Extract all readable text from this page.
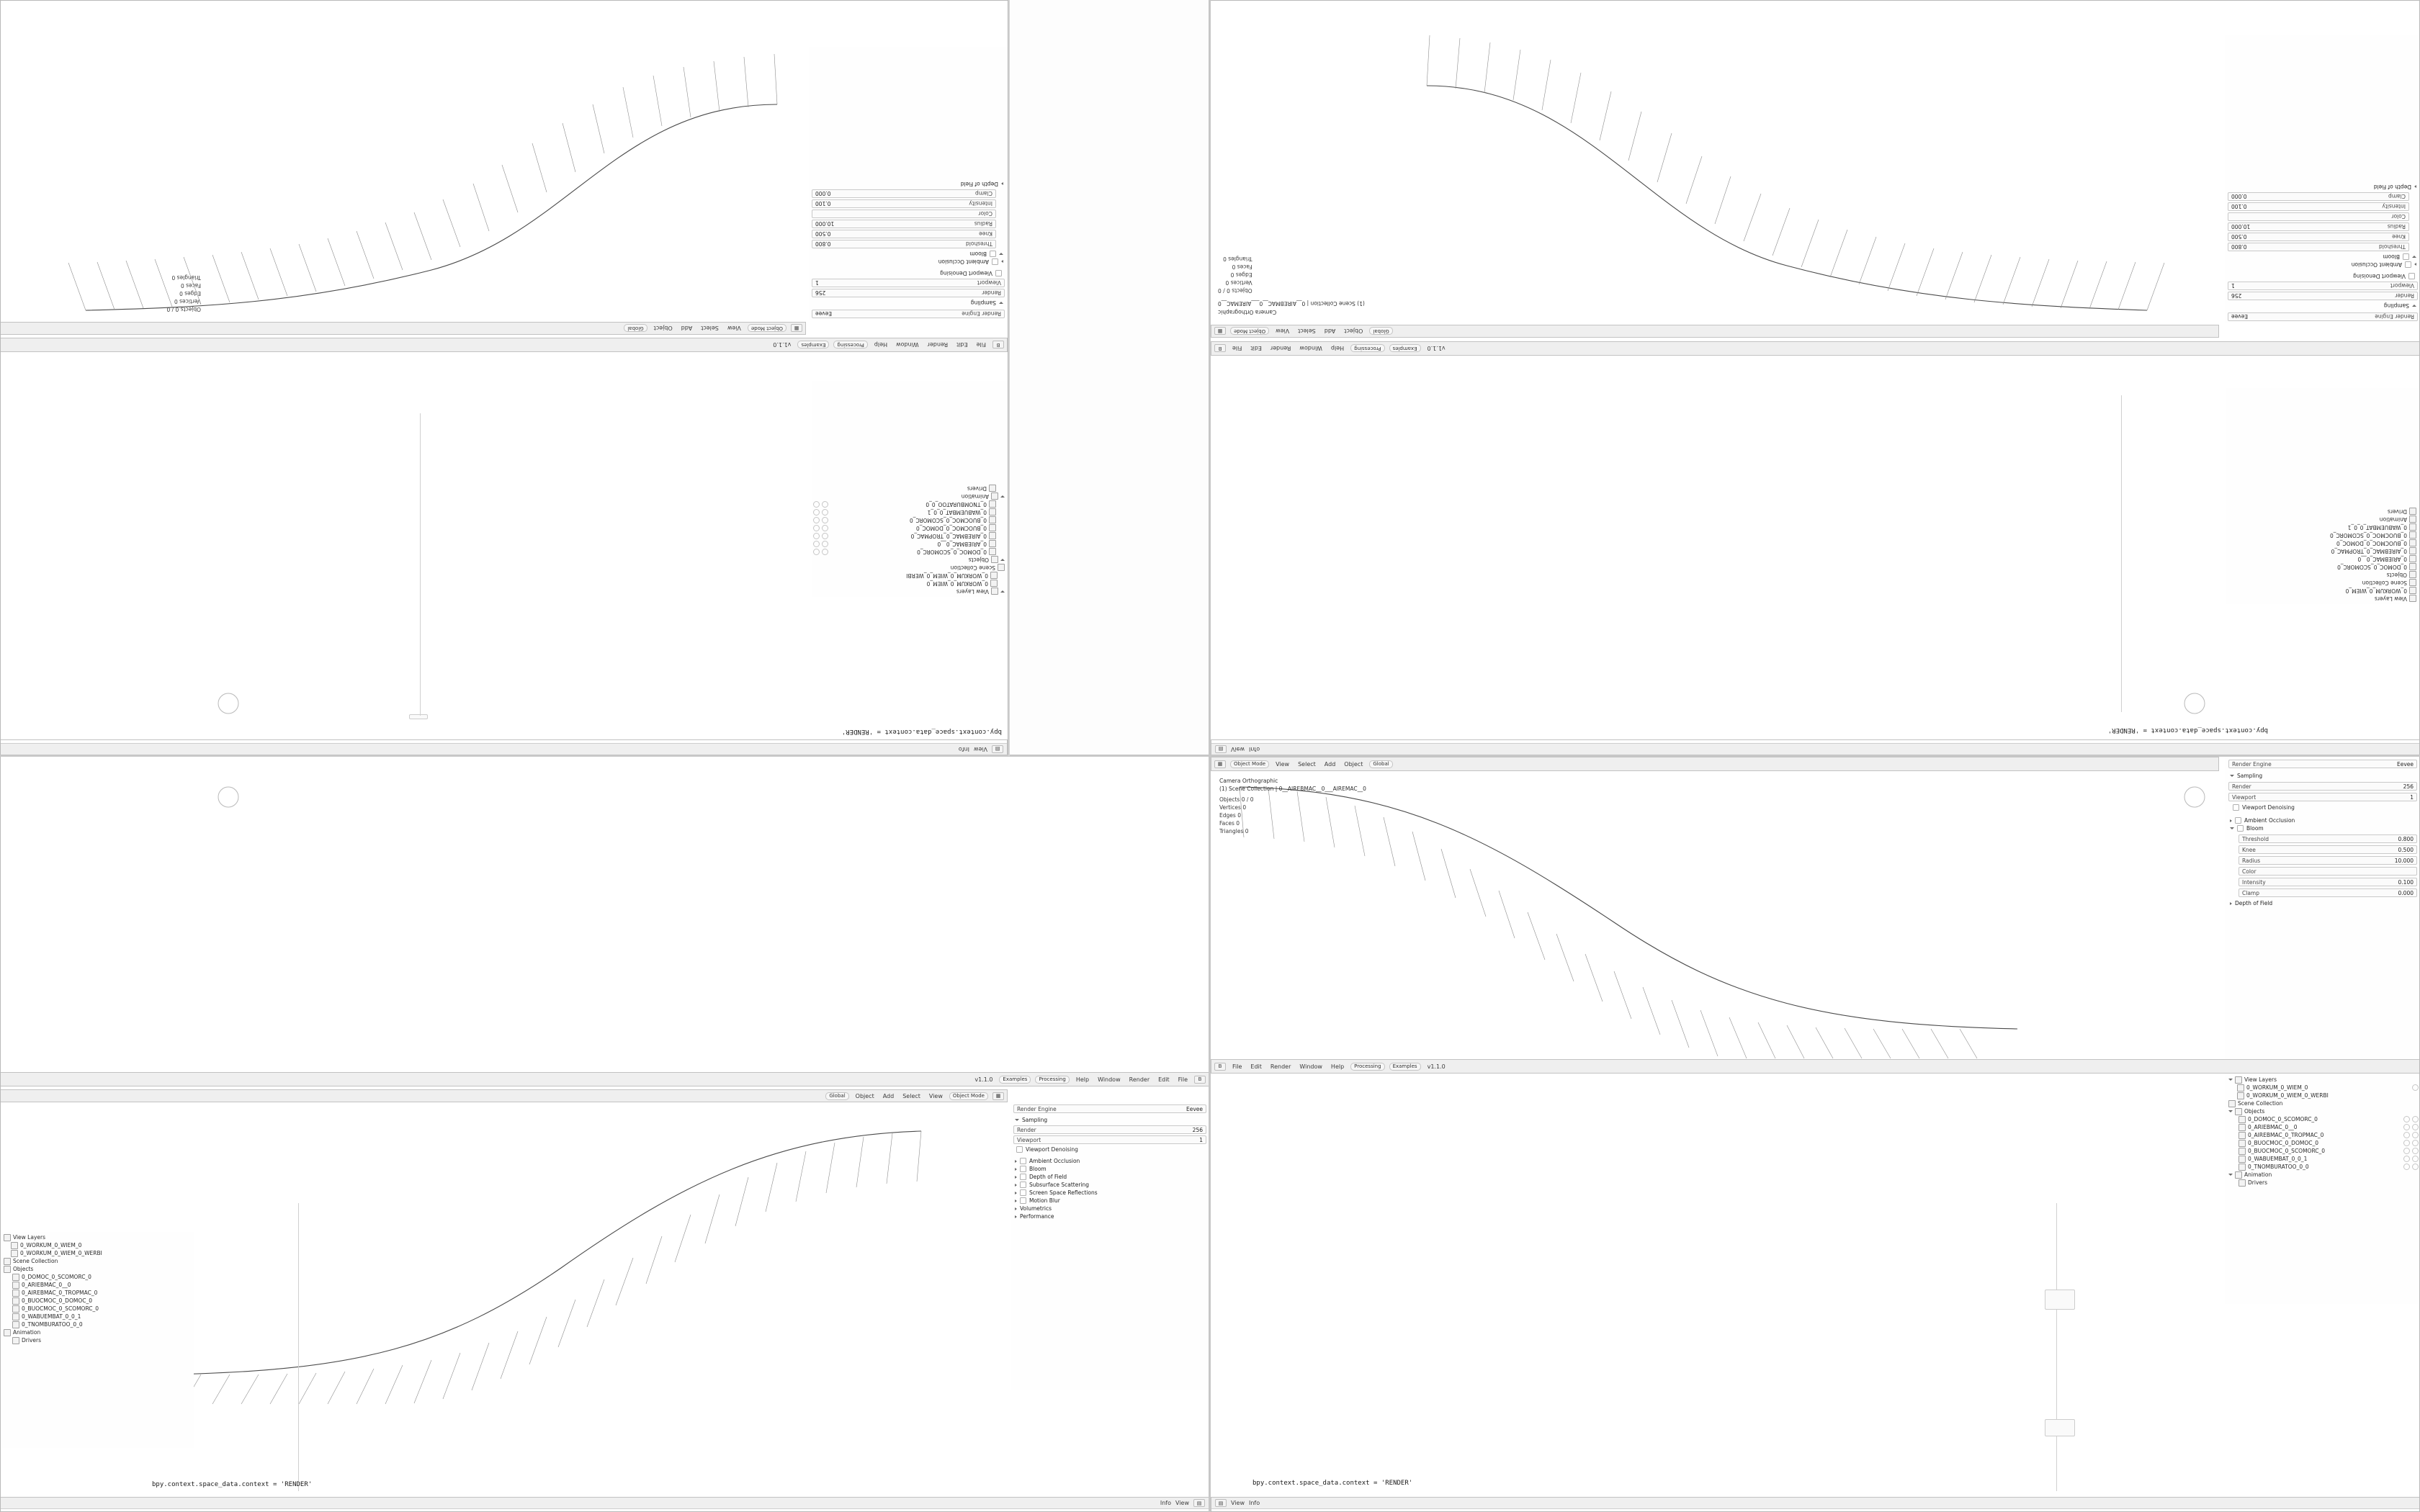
▤
View
Info
bpy.context.space_data.context = 'RENDER'
View Layers
0_WORKUM_0_WIEM_0
0_WORKUM_0_WIEM_0_WERBI
Scene Collection
Objects
0_DOMOC_0_SCOMORC_0
0_ARIEBMAC_0__0
0_AIREBMAC_0_TROPMAC_0
0_BUOCMOC_0_DOMOC_0
0_BUOCMOC_0_SCOMORC_0
0_WABUEMBAT_0_0_1
0_TNOMBURATOO_0_0
Animation
Drivers
B
File
Edit
Render
Window
Help
Processing
Examples
v1.1.0
▦
Object Mode
View
Select
Add
Object
Global
Render Engine
Eevee
Sampling
Render
256
Viewport
1
Viewport Denoising
Ambient Occlusion
Bloom
Threshold
0.800
Knee
0.500
Radius
10.000
Color
Intensity
0.100
Clamp
0.000
Depth of Field
Objects 0 / 0
Vertices 0
Edges 0
Faces 0
Triangles 0
▤	View Info
bpy.context.space_data.context = 'RENDER'
View Layers
0_WORKUM_0_WIEM_0
Scene Collection
Objects
0_DOMOC_0_SCOMORC_0
0_ARIEBMAC_0__0
0_AIREBMAC_0_TROPMAC_0
0_BUOCMOC_0_DOMOC_0
0_BUOCMOC_0_SCOMORC_0
0_WABUEMBAT_0_0_1
Animation
Drivers
v1.1.0
Examples
Processing
Help
Window
Render
Edit
File
B
Global
Object
Add
Select
View
Object Mode
▦
Render Engine
Eevee
Sampling
Render
256
Viewport
1
Viewport Denoising
Ambient Occlusion
Bloom
Threshold
0.800
Knee
0.500
Radius
10.000
Color
Intensity
0.100
Clamp
0.000
Depth of Field
Camera Orthographic
(1) Scene Collection | 0__AIREBMAC__0___AIREMAC__0
Objects 0 / 0
Vertices 0
Edges 0
Faces 0
Triangles 0
v1.1.0	Examples	Processing	Help	Window	Render	Edit	File	B
Global	Object	Add	Select	View	Object Mode	▦
Render Engine	Eevee
Sampling
Render	256
Viewport	1
Viewport Denoising
Ambient Occlusion
Bloom
Depth of Field
Subsurface Scattering
Screen Space Reflections
Motion Blur
Volumetrics
Performance
View Layers
0_WORKUM_0_WIEM_0
0_WORKUM_0_WIEM_0_WERBI
Scene Collection
Objects
0_DOMOC_0_SCOMORC_0
0_ARIEBMAC_0__0
0_AIREBMAC_0_TROPMAC_0
0_BUOCMOC_0_DOMOC_0
0_BUOCMOC_0_SCOMORC_0
0_WABUEMBAT_0_0_1
0_TNOMBURATOO_0_0
Animation
Drivers
Info View	▤
bpy.context.space_data.context = 'RENDER'
▦	Object Mode	View	Select	Add	Object	Global	Render Engine	Eevee
Sampling
Render	256
Viewport	1
Viewport Denoising
Ambient Occlusion
Bloom
Threshold	0.800
Knee	0.500
Radius	10.000
Color
Intensity	0.100
Clamp	0.000
Depth of Field
Camera Orthographic
(1) Scene Collection | 0__AIREBMAC__0___AIREMAC__0
Objects 0 / 0
Vertices 0
Edges 0
Faces 0
Triangles 0
B	File	Edit	Render	Window	Help	Processing	Examples	v1.1.0
View Layers
0_WORKUM_0_WIEM_0
0_WORKUM_0_WIEM_0_WERBI
Scene Collection
Objects
0_DOMOC_0_SCOMORC_0
0_ARIEBMAC_0__0
0_AIREBMAC_0_TROPMAC_0
0_BUOCMOC_0_DOMOC_0
0_BUOCMOC_0_SCOMORC_0
0_WABUEMBAT_0_0_1
0_TNOMBURATOO_0_0
Animation
Drivers
bpy.context.space_data.context = 'RENDER'
▤	View Info
